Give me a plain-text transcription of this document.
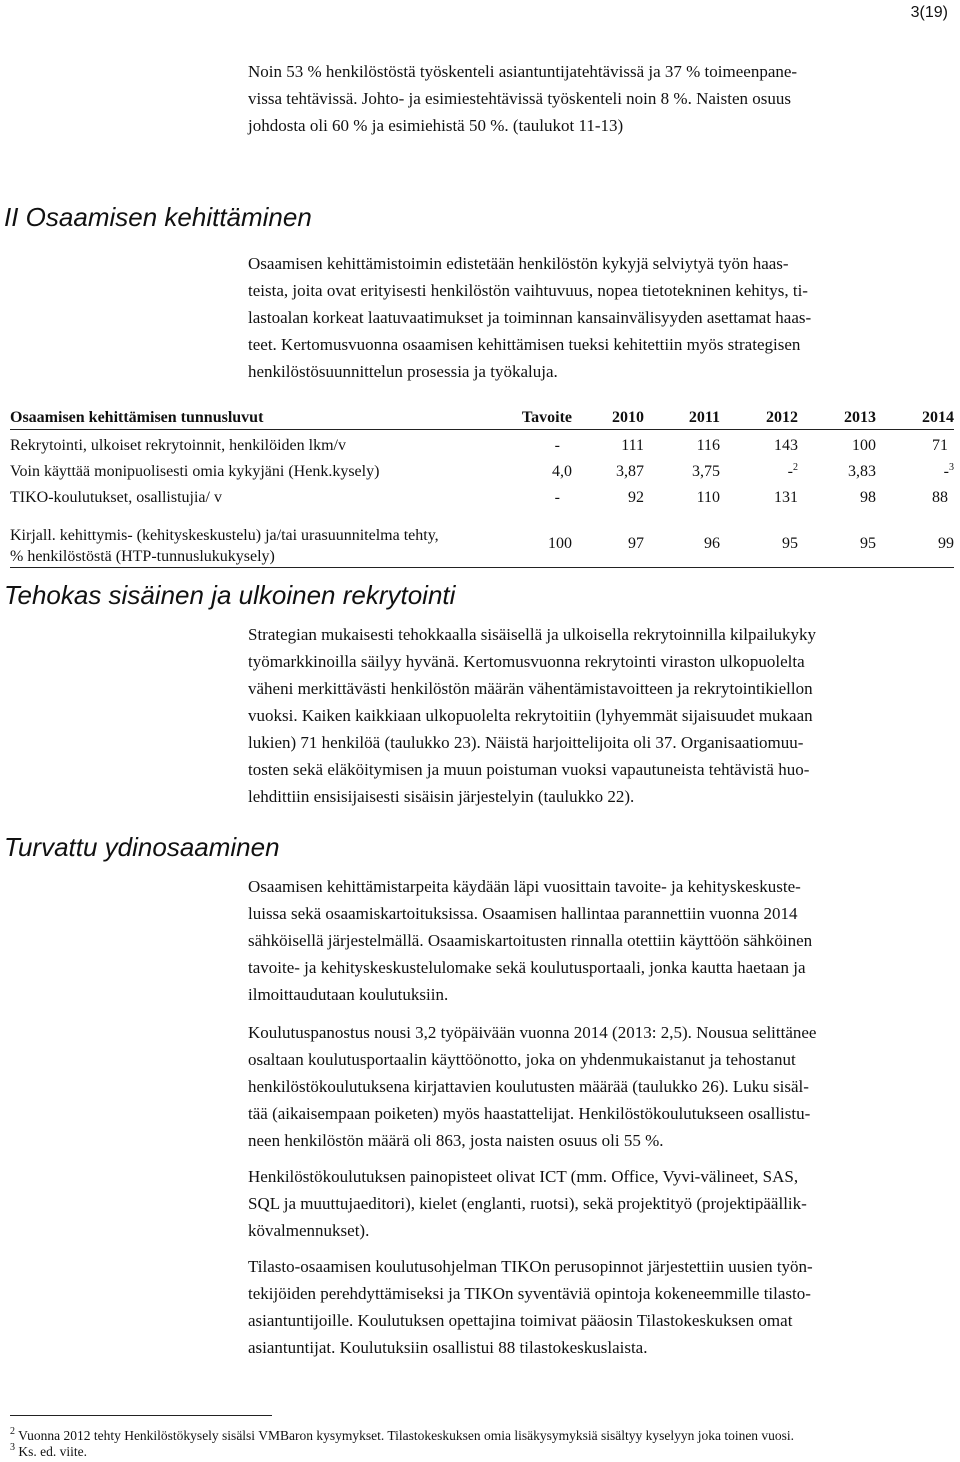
3(19)
Noin 53 % henkilöstöstä työskenteli asiantuntijatehtävissä ja 37 % toimeenpane-
vissa tehtävissä. Johto- ja esimiestehtävissä työskenteli noin 8 %. Naisten osuus
johdosta oli 60 % ja esimiehistä 50 %. (taulukot 11-13)
II Osaamisen kehittäminen
Osaamisen kehittämistoimin edistetään henkilöstön kykyjä selviytyä työn haas-
teista, joita ovat erityisesti henkilöstön vaihtuvuus, nopea tietotekninen kehitys, ti-
lastoalan korkeat laatuvaatimukset ja toiminnan kansainvälisyyden asettamat haas-
teet. Kertomusvuonna osaamisen kehittämisen tueksi kehitettiin myös strategisen
henkilöstösuunnittelun prosessia ja työkaluja.
Osaamisen kehittämisen tunnusluvut	Tavoite	2010	2011	2012	2013	2014
Rekrytointi, ulkoiset rekrytoinnit, henkilöiden lkm/v	-	111	116	143	100	71
Voin käyttää monipuolisesti omia kykyjäni (Henk.kysely)	4,0	3,87	3,75	-$^2$	3,83	-$^3$
TIKO-koulutukset, osallistujia/ v	-	92	110	131	98	88
Kirjall. kehittymis- (kehityskeskustelu) ja/tai urasuunnitelma tehty,
% henkilöstöstä (HTP-tunnuslukukysely)
100	97	96	95	95	99
Tehokas sisäinen ja ulkoinen rekrytointi
Strategian mukaisesti tehokkaalla sisäisellä ja ulkoisella rekrytoinnilla kilpailukyky
työmarkkinoilla säilyy hyvänä. Kertomusvuonna rekrytointi viraston ulkopuolelta
väheni merkittävästi henkilöstön määrän vähentämistavoitteen ja rekrytointikiellon
vuoksi. Kaiken kaikkiaan ulkopuolelta rekrytoitiin (lyhyemmät sijaisuudet mukaan
lukien) 71 henkilöä (taulukko 23). Näistä harjoittelijoita oli 37. Organisaatiomuu-
tosten sekä eläköitymisen ja muun poistuman vuoksi vapautuneista tehtävistä huo-
lehdittiin ensisijaisesti sisäisin järjestelyin (taulukko 22).
Turvattu ydinosaaminen
Osaamisen kehittämistarpeita käydään läpi vuosittain tavoite- ja kehityskeskuste-
luissa sekä osaamiskartoituksissa. Osaamisen hallintaa parannettiin vuonna 2014
sähköisellä järjestelmällä. Osaamiskartoitusten rinnalla otettiin käyttöön sähköinen
tavoite- ja kehityskeskustelulomake sekä koulutusportaali, jonka kautta haetaan ja
ilmoittaudutaan koulutuksiin.
Koulutuspanostus nousi 3,2 työpäivään vuonna 2014 (2013: 2,5). Nousua selittänee
osaltaan koulutusportaalin käyttöönotto, joka on yhdenmukaistanut ja tehostanut
henkilöstökoulutuksena kirjattavien koulutusten määrää (taulukko 26). Luku sisäl-
tää (aikaisempaan poiketen) myös haastattelijat. Henkilöstökoulutukseen osallistu-
neen henkilöstön määrä oli 863, josta naisten osuus oli 55 %.
Henkilöstökoulutuksen painopisteet olivat ICT (mm. Office, Vyvi-välineet, SAS,
SQL ja muuttujaeditori), kielet (englanti, ruotsi), sekä projektityö (projektipäällik-
kövalmennukset).
Tilasto-osaamisen koulutusohjelman TIKOn perusopinnot järjestettiin uusien työn-
tekijöiden perehdyttämiseksi ja TIKOn syventäviä opintoja kokeneemmille tilasto-
asiantuntijoille. Koulutuksen opettajina toimivat pääosin Tilastokeskuksen omat
asiantuntijat. Koulutuksiin osallistui 88 tilastokeskuslaista.
$^2$ Vuonna 2012 tehty Henkilöstökysely sisälsi VMBaron kysymykset. Tilastokeskuksen omia lisäkysymyksiä sisältyy kyselyyn joka toinen vuosi.
$^3$ Ks. ed. viite.
